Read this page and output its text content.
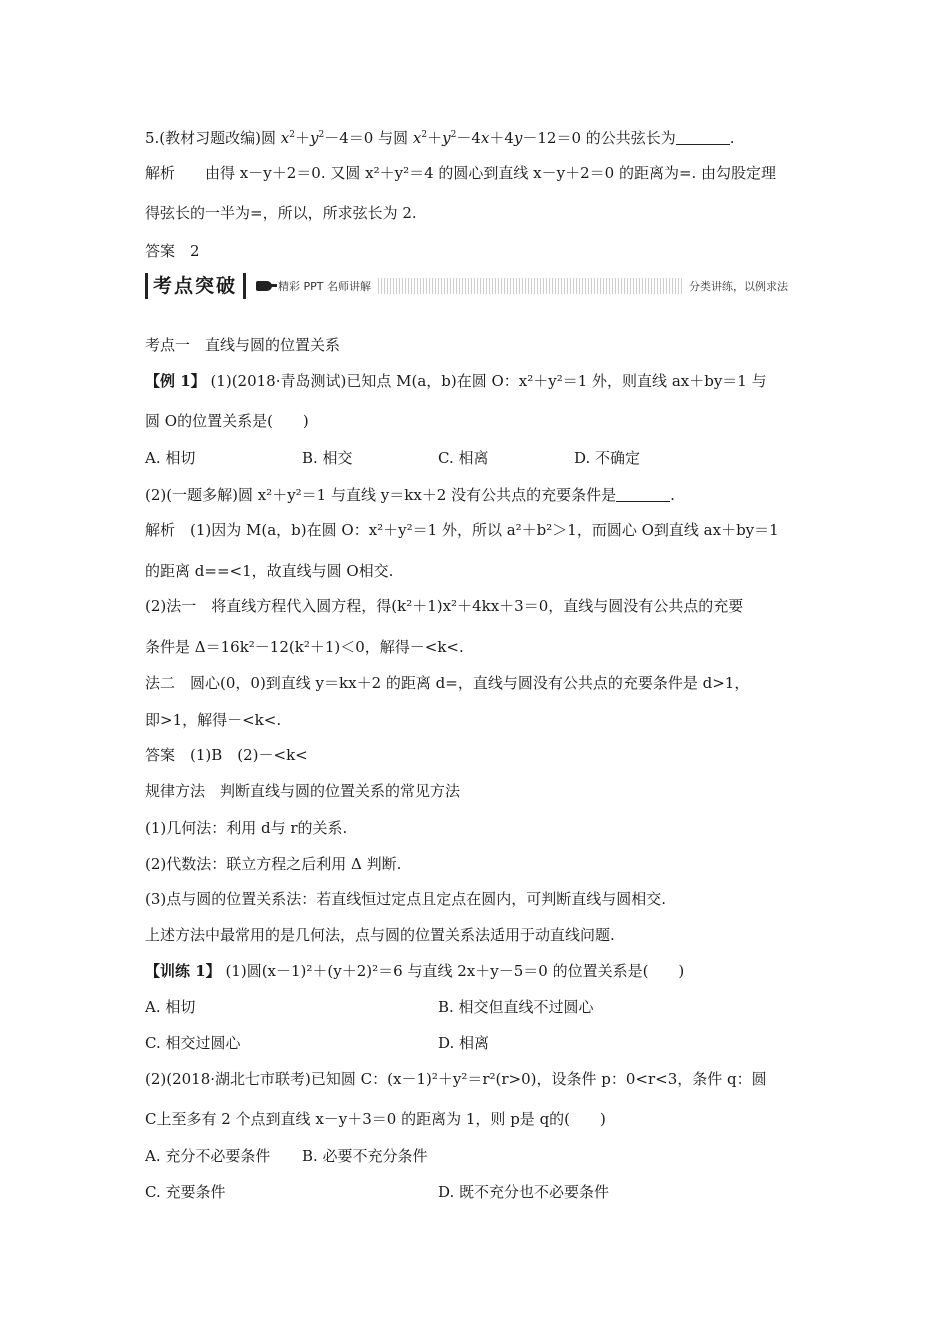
5.(教材习题改编)圆 $x^2+y^2-4=0$ 与圆 $x^2+y^2-4x+4y-12=0$ 的公共弦长为	.
解析　　 由得 x－y＋2＝0. 又圆 x²＋y²＝4 的圆心到直线 x－y＋2＝0 的距离为=. 由勾股定理
得弦长的一半为=，所以，所求弦长为 2.
答案　2
考点突破	精彩 PPT 名师讲解	分类讲练，以例求法
考点一　直线与圆的位置关系
【例 1】 (1)(2018·青岛测试)已知点 M(a，b)在圆 O：x²＋y²＝1 外，则直线 ax＋by＝1 与
圆 O的位置关系是(　　)
A. 相切	B. 相交	C. 相离	D. 不确定
(2)(一题多解)圆 x²＋y²＝1 与直线 y＝kx＋2 没有公共点的充要条件是	.
解析　(1)因为 M(a，b)在圆 O：x²＋y²＝1 外，所以 a²＋b²＞1，而圆心 O到直线 ax＋by＝1
的距离 d==<1，故直线与圆 O相交.
(2)法一　将直线方程代入圆方程，得(k²＋1)x²＋4kx＋3＝0，直线与圆没有公共点的充要
条件是 Δ＝16k²－12(k²＋1)＜0，解得－<k<.
法二　圆心(0，0)到直线 y＝kx＋2 的距离 d=，直线与圆没有公共点的充要条件是 d>1，
即>1，解得－<k<.
答案　(1)B　(2)－<k<
规律方法　判断直线与圆的位置关系的常见方法
(1)几何法：利用 d与 r的关系.
(2)代数法：联立方程之后利用 Δ 判断.
(3)点与圆的位置关系法：若直线恒过定点且定点在圆内，可判断直线与圆相交.
上述方法中最常用的是几何法，点与圆的位置关系法适用于动直线问题.
【训练 1】 (1)圆(x－1)²＋(y＋2)²＝6 与直线 2x＋y－5＝0 的位置关系是(　　)
A. 相切	B. 相交但直线不过圆心
C. 相交过圆心	D. 相离
(2)(2018·湖北七市联考)已知圆 C：(x－1)²＋y²＝r²(r>0)，设条件 p：0<r<3，条件 q：圆
C上至多有 2 个点到直线 x－y＋3＝0 的距离为 1，则 p是 q的(　　)
A. 充分不必要条件 B. 必要不充分条件
C. 充要条件	D. 既不充分也不必要条件
